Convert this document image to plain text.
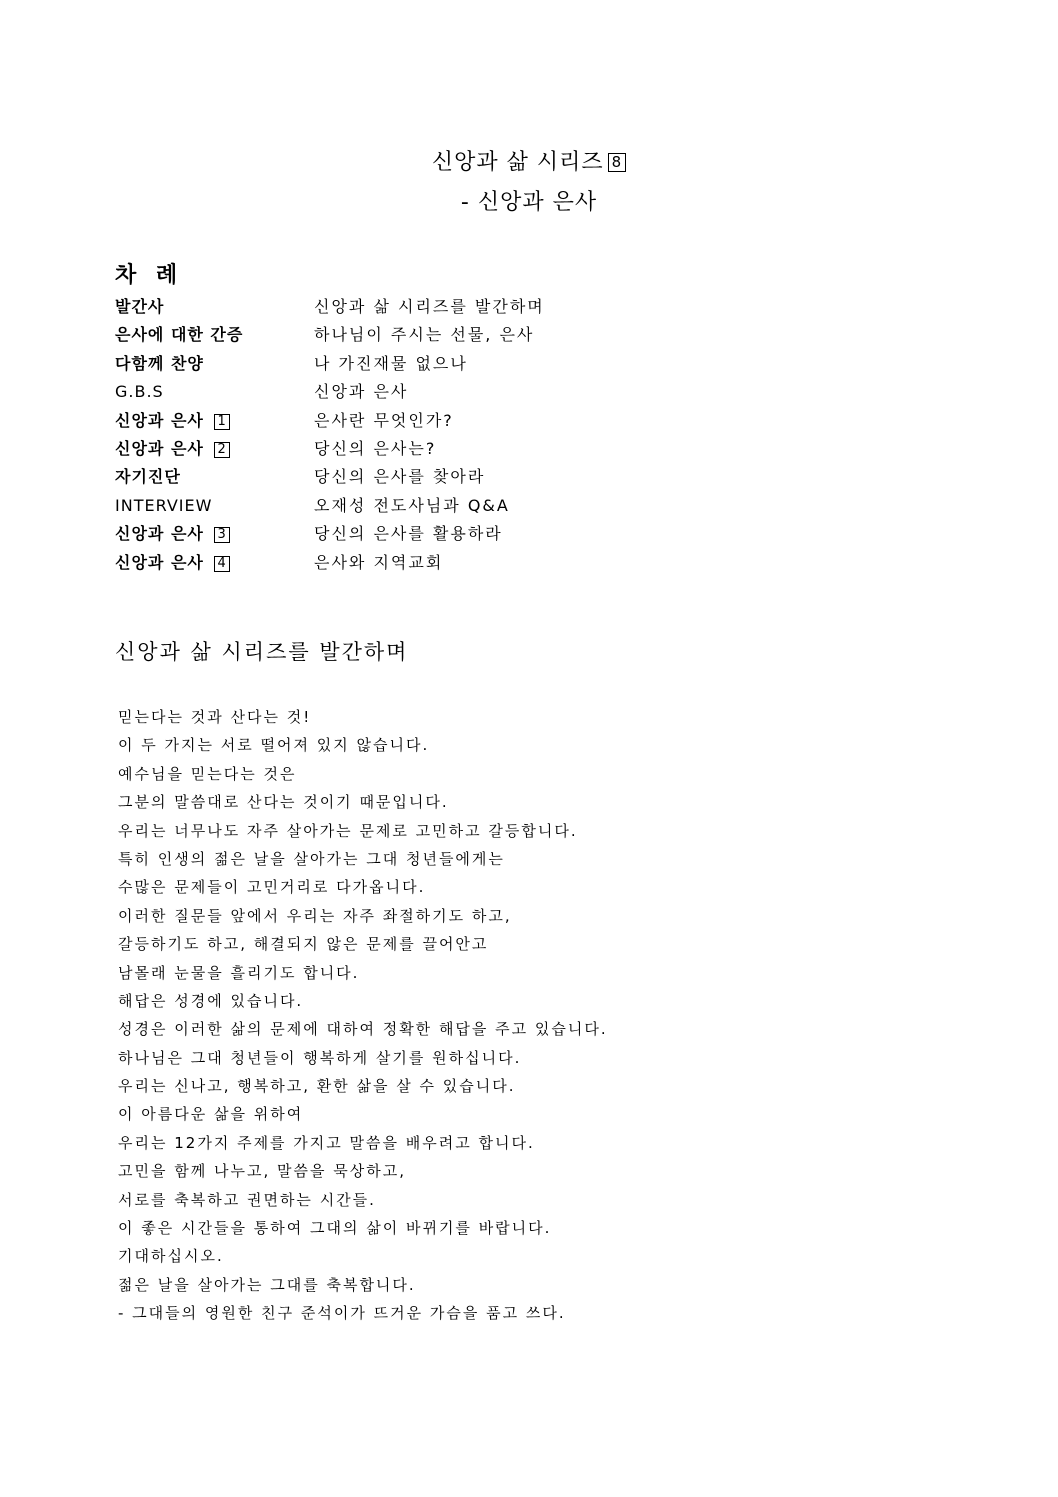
신앙과 삶 시리즈 8
- 신앙과 은사
차 례
발간사	신앙과 삶 시리즈를 발간하며
은사에 대한 간증	하나님이 주시는 선물, 은사
다함께 찬양	나 가진재물 없으나
G.B.S	신앙과 은사
신앙과 은사 1	은사란 무엇인가?
신앙과 은사 2	당신의 은사는?
자기진단	당신의 은사를 찾아라
INTERVIEW	오재성 전도사님과 Q&A
신앙과 은사 3	당신의 은사를 활용하라
신앙과 은사 4	은사와 지역교회
신앙과 삶 시리즈를 발간하며
믿는다는 것과 산다는 것!
이 두 가지는 서로 떨어져 있지 않습니다.
예수님을 믿는다는 것은
그분의 말씀대로 산다는 것이기 때문입니다.
우리는 너무나도 자주 살아가는 문제로 고민하고 갈등합니다.
특히 인생의 젊은 날을 살아가는 그대 청년들에게는
수많은 문제들이 고민거리로 다가옵니다.
이러한 질문들 앞에서 우리는 자주 좌절하기도 하고,
갈등하기도 하고, 해결되지 않은 문제를 끌어안고
남몰래 눈물을 흘리기도 합니다.
해답은 성경에 있습니다.
성경은 이러한 삶의 문제에 대하여 정확한 해답을 주고 있습니다.
하나님은 그대 청년들이 행복하게 살기를 원하십니다.
우리는 신나고, 행복하고, 환한 삶을 살 수 있습니다.
이 아름다운 삶을 위하여
우리는 12가지 주제를 가지고 말씀을 배우려고 합니다.
고민을 함께 나누고, 말씀을 묵상하고,
서로를 축복하고 권면하는 시간들.
이 좋은 시간들을 통하여 그대의 삶이 바뀌기를 바랍니다.
기대하십시오.
젊은 날을 살아가는 그대를 축복합니다.
- 그대들의 영원한 친구 준석이가 뜨거운 가슴을 품고 쓰다.
